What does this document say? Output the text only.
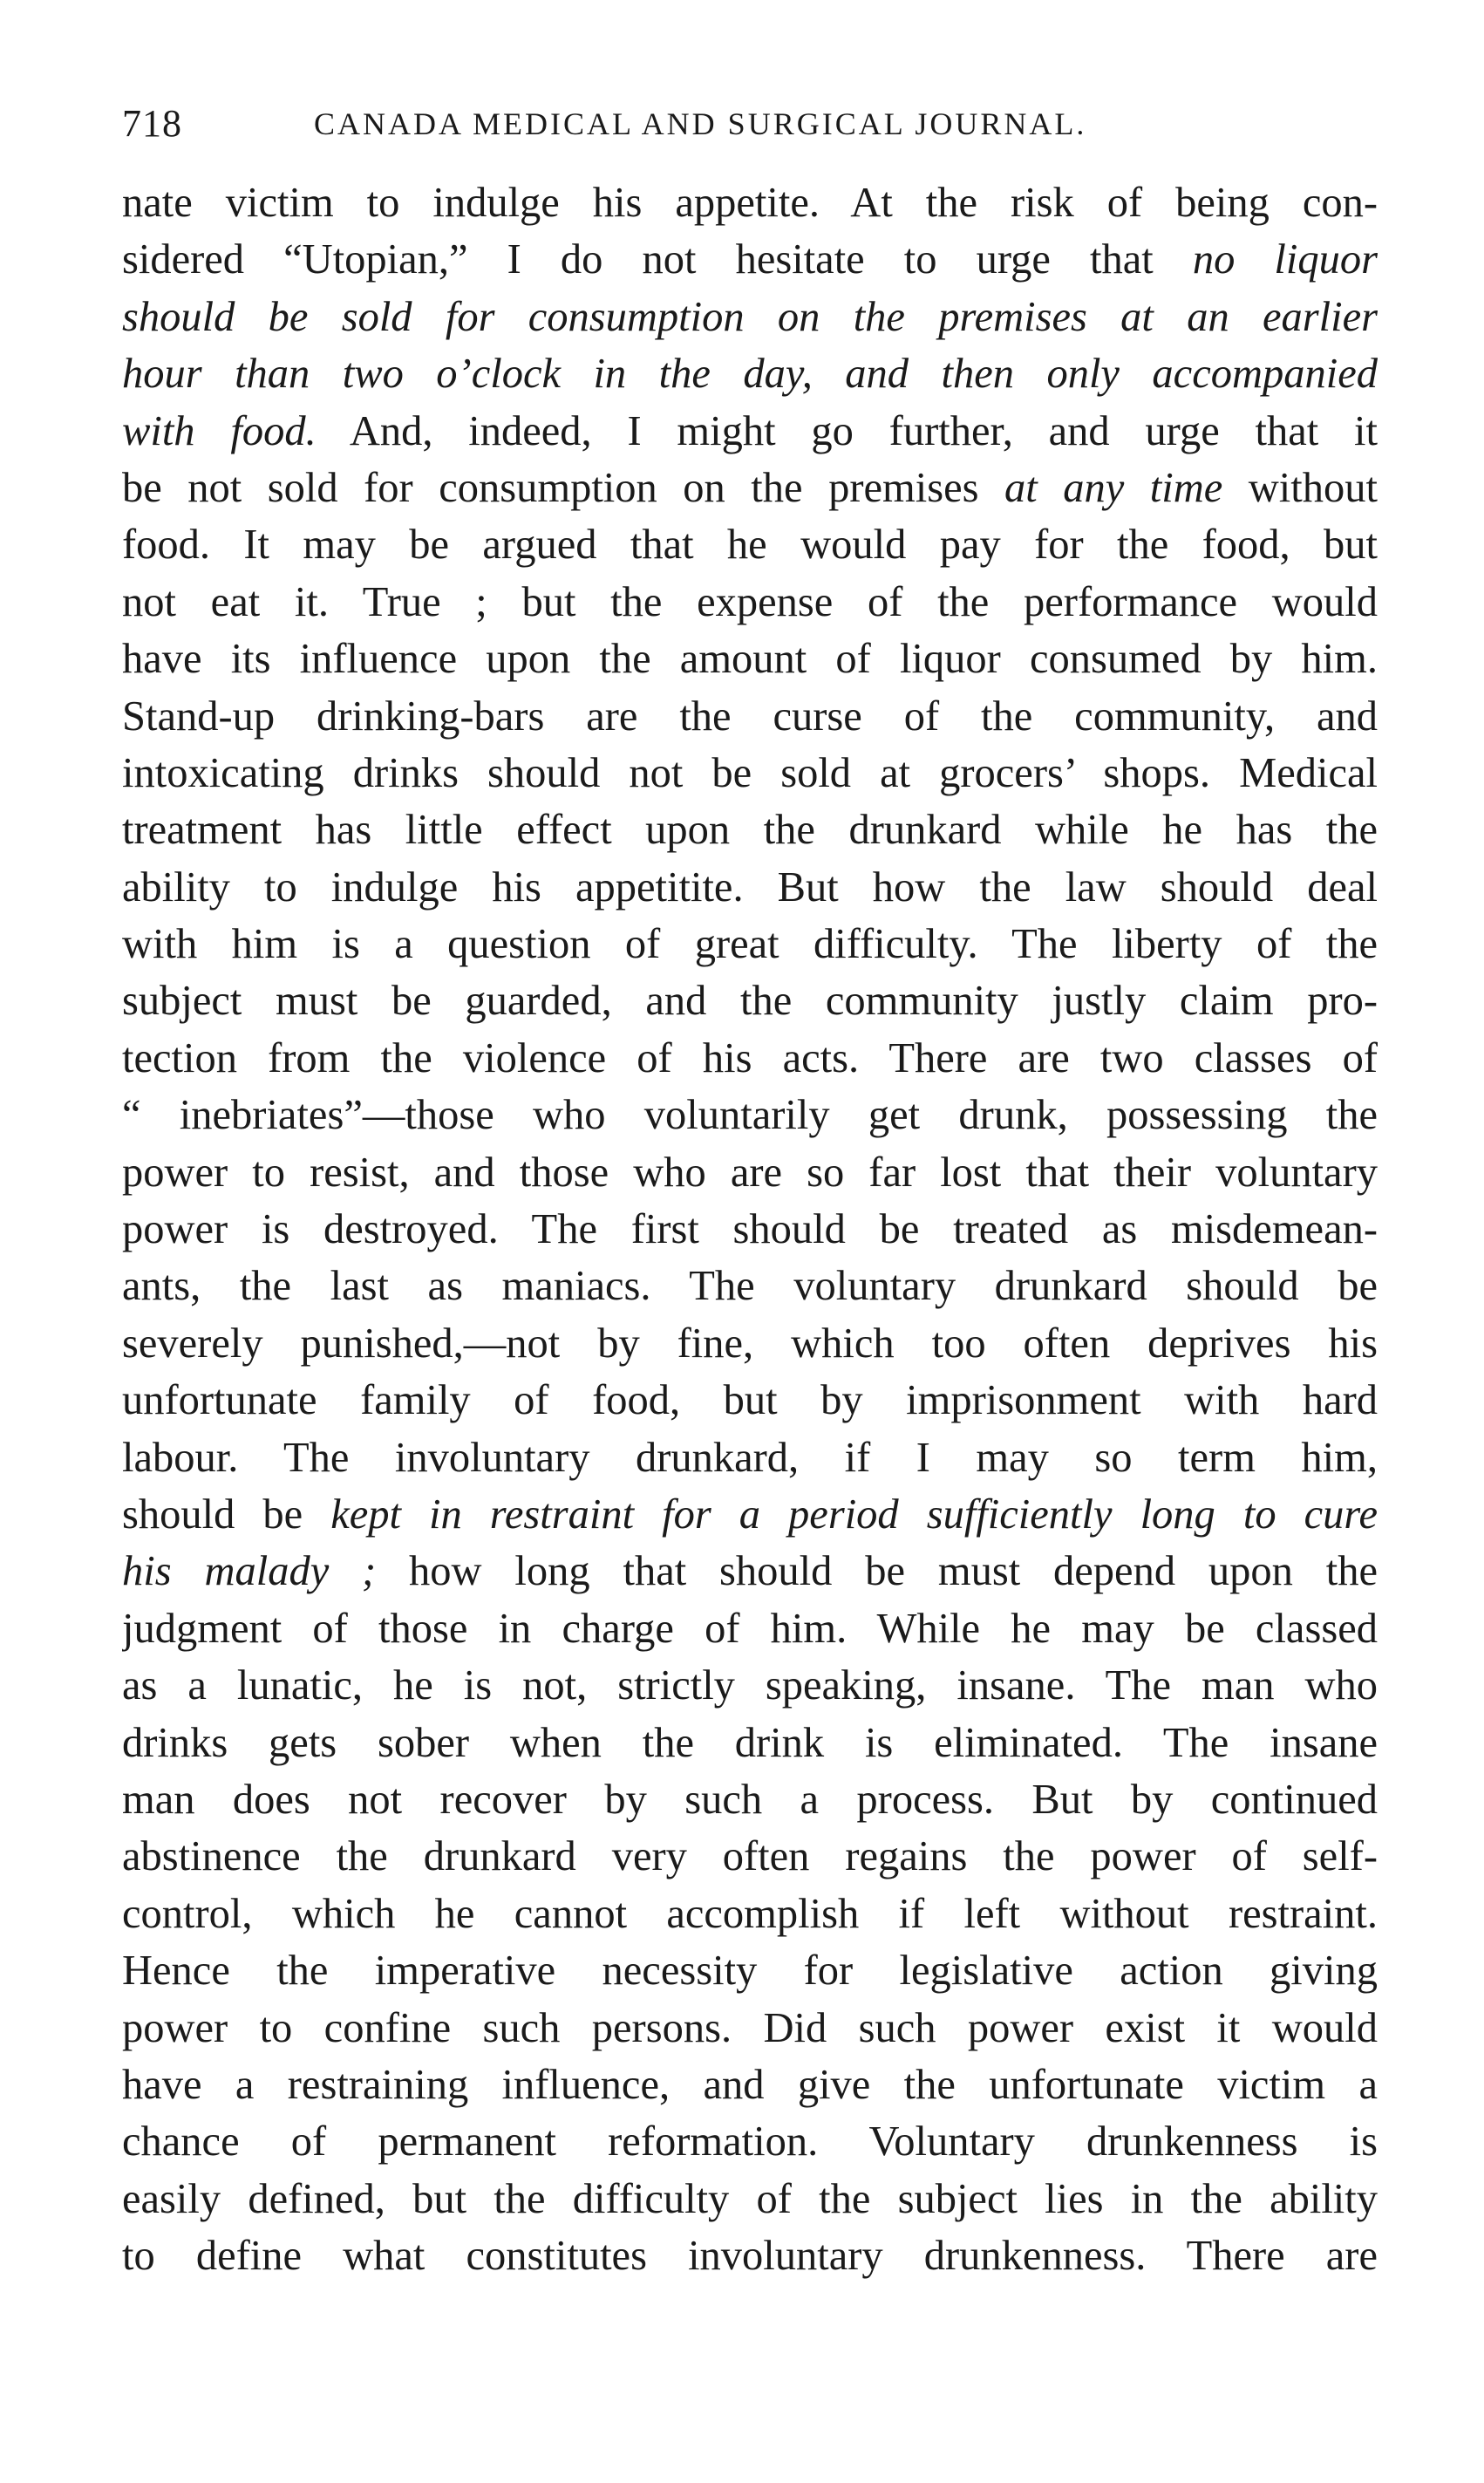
718	CANADA MEDICAL AND SURGICAL JOURNAL.
nate victim to indulge his appetite. At the risk of being con-
sidered “Utopian,” I do not hesitate to urge that no liquor
should be sold for consumption on the premises at an earlier
hour than two o’clock in the day, and then only accompanied
with food. And, indeed, I might go further, and urge that it
be not sold for consumption on the premises at any time without
food. It may be argued that he would pay for the food, but
not eat it. True ; but the expense of the performance would
have its influence upon the amount of liquor consumed by him.
Stand-up drinking-bars are the curse of the community, and
intoxicating drinks should not be sold at grocers’ shops. Medical
treatment has little effect upon the drunkard while he has the
ability to indulge his appetitite. But how the law should deal
with him is a question of great difficulty. The liberty of the
subject must be guarded, and the community justly claim pro-
tection from the violence of his acts. There are two classes of
“ inebriates”—those who voluntarily get drunk, possessing the
power to resist, and those who are so far lost that their voluntary
power is destroyed. The first should be treated as misdemean-
ants, the last as maniacs. The voluntary drunkard should be
severely punished,—not by fine, which too often deprives his
unfortunate family of food, but by imprisonment with hard
labour. The involuntary drunkard, if I may so term him,
should be kept in restraint for a period sufficiently long to cure
his malady ; how long that should be must depend upon the
judgment of those in charge of him. While he may be classed
as a lunatic, he is not, strictly speaking, insane. The man who
drinks gets sober when the drink is eliminated. The insane
man does not recover by such a process. But by continued
abstinence the drunkard very often regains the power of self-
control, which he cannot accomplish if left without restraint.
Hence the imperative necessity for legislative action giving
power to confine such persons. Did such power exist it would
have a restraining influence, and give the unfortunate victim a
chance of permanent reformation. Voluntary drunkenness is
easily defined, but the difficulty of the subject lies in the ability
to define what constitutes involuntary drunkenness. There are
